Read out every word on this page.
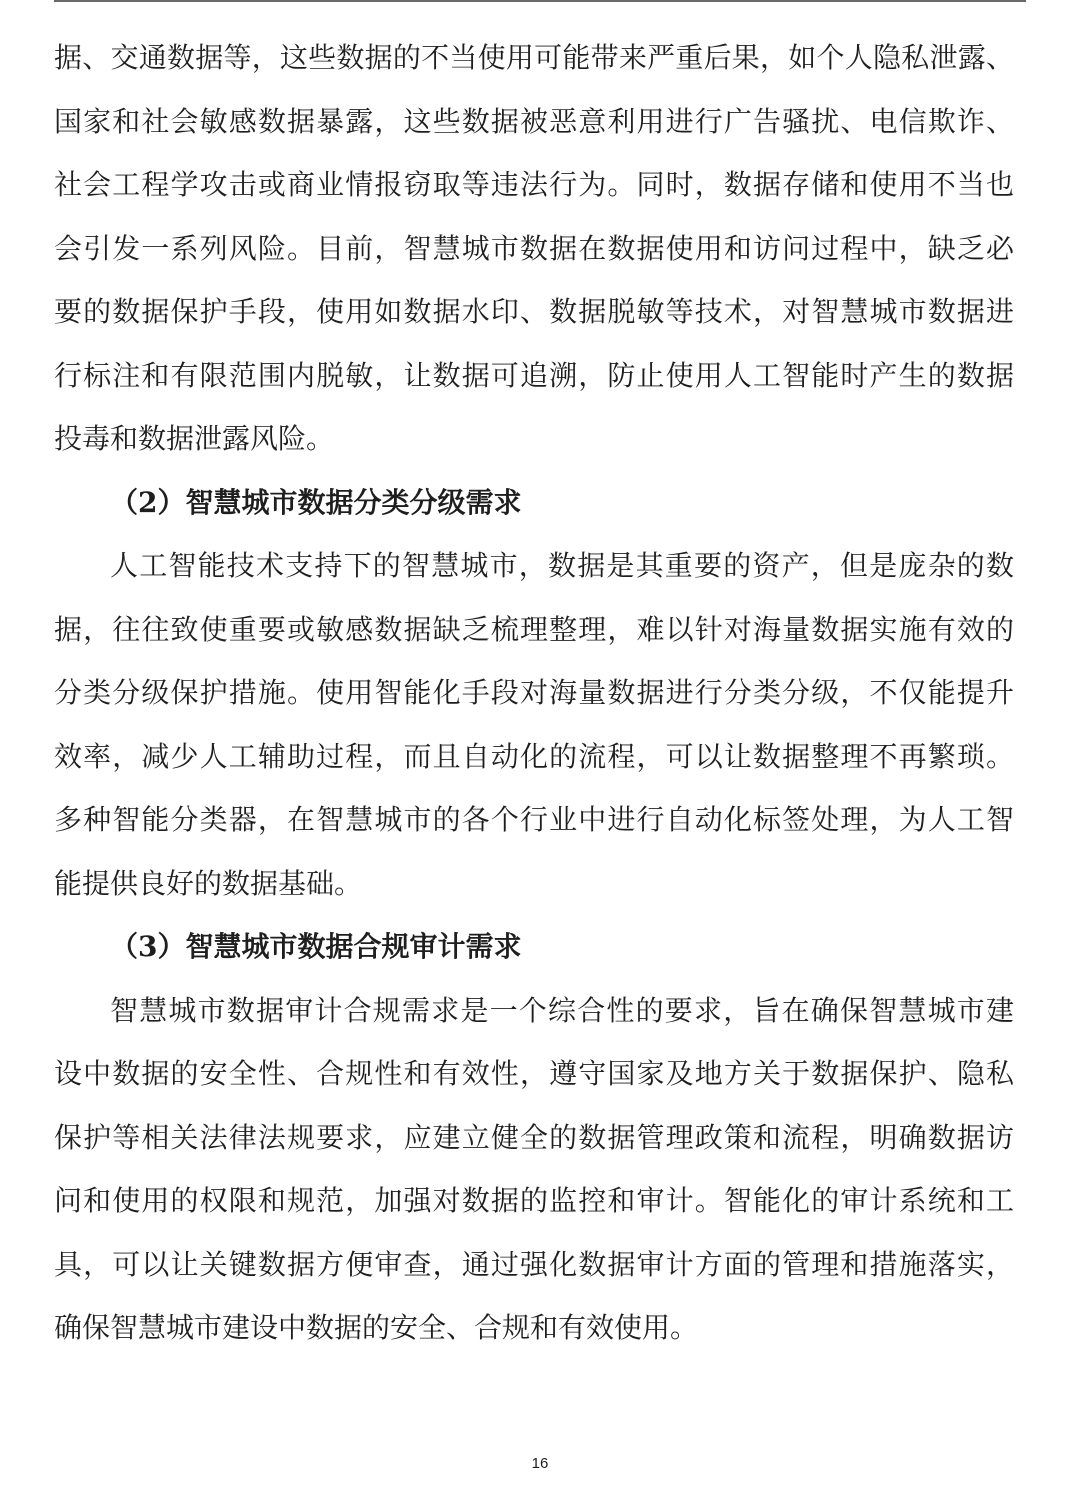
据、交通数据等，这些数据的不当使用可能带来严重后果，如个人隐私泄露、
国家和社会敏感数据暴露，这些数据被恶意利用进行广告骚扰、电信欺诈、
社会工程学攻击或商业情报窃取等违法行为。同时，数据存储和使用不当也
会引发一系列风险。目前，智慧城市数据在数据使用和访问过程中，缺乏必
要的数据保护手段，使用如数据水印、数据脱敏等技术，对智慧城市数据进
行标注和有限范围内脱敏，让数据可追溯，防止使用人工智能时产生的数据
投毒和数据泄露风险。
（2）智慧城市数据分类分级需求
人工智能技术支持下的智慧城市，数据是其重要的资产，但是庞杂的数
据，往往致使重要或敏感数据缺乏梳理整理，难以针对海量数据实施有效的
分类分级保护措施。使用智能化手段对海量数据进行分类分级，不仅能提升
效率，减少人工辅助过程，而且自动化的流程，可以让数据整理不再繁琐。
多种智能分类器，在智慧城市的各个行业中进行自动化标签处理，为人工智
能提供良好的数据基础。
（3）智慧城市数据合规审计需求
智慧城市数据审计合规需求是一个综合性的要求，旨在确保智慧城市建
设中数据的安全性、合规性和有效性，遵守国家及地方关于数据保护、隐私
保护等相关法律法规要求，应建立健全的数据管理政策和流程，明确数据访
问和使用的权限和规范，加强对数据的监控和审计。智能化的审计系统和工
具，可以让关键数据方便审查，通过强化数据审计方面的管理和措施落实，
确保智慧城市建设中数据的安全、合规和有效使用。
16
